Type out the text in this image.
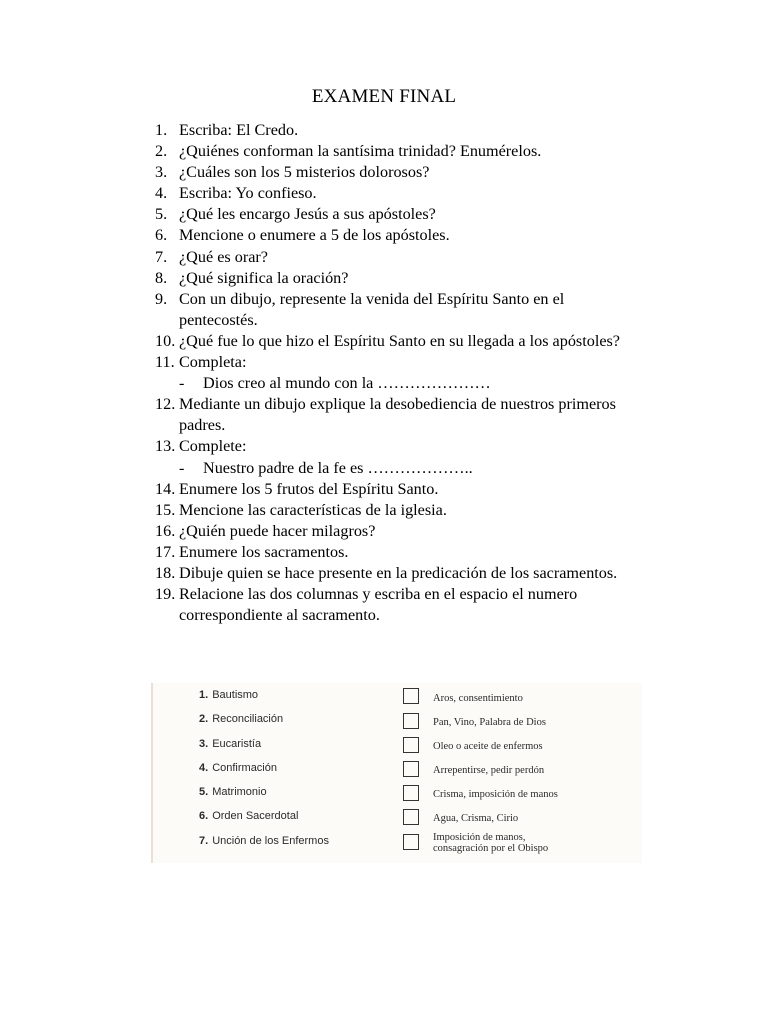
EXAMEN FINAL
1. Escriba: El Credo.
2. ¿Quiénes conforman la santísima trinidad? Enumérelos.
3. ¿Cuáles son los 5 misterios dolorosos?
4. Escriba: Yo confieso.
5. ¿Qué les encargo Jesús a sus apóstoles?
6. Mencione o enumere a 5 de los apóstoles.
7. ¿Qué es orar?
8. ¿Qué significa la oración?
9. Con un dibujo, represente la venida del Espíritu Santo en el pentecostés.
10. ¿Qué fue lo que hizo el Espíritu Santo en su llegada a los apóstoles?
11. Completa:
- Dios creo al mundo con la …………………
12. Mediante un dibujo explique la desobediencia de nuestros primeros padres.
13. Complete:
- Nuestro padre de la fe es ………………..
14. Enumere los 5 frutos del Espíritu Santo.
15. Mencione las características de la iglesia.
16. ¿Quién puede hacer milagros?
17. Enumere los sacramentos.
18. Dibuje quien se hace presente en la predicación de los sacramentos.
19. Relacione las dos columnas y escriba en el espacio el numero correspondiente al sacramento.
1. Bautismo
2. Reconciliación
3. Eucaristía
4. Confirmación
5. Matrimonio
6. Orden Sacerdotal
7. Unción de los Enfermos
Aros, consentimiento
Pan, Vino, Palabra de Dios
Oleo o aceite de enfermos
Arrepentirse, pedir perdón
Crisma, imposición de manos
Agua, Crisma, Cirio
Imposición de manos,
consagración por el Obispo
